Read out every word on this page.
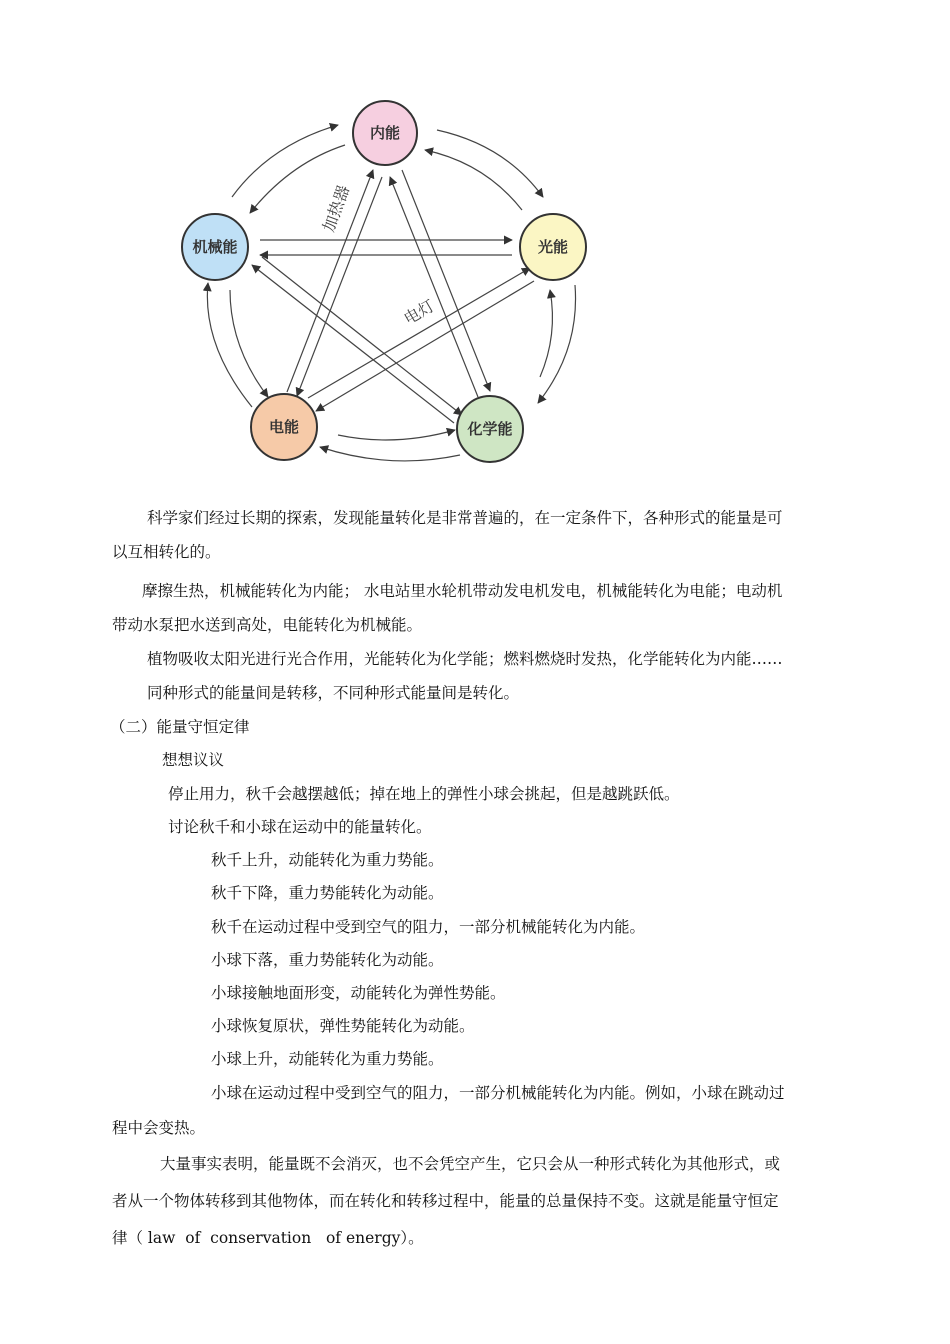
加热器
电灯
内能
机械能	光能
电能	化学能

科学家们经过长期的探索，发现能量转化是非常普遍的，在一定条件下，各种形式的能量是可

以互相转化的。

摩擦生热，机械能转化为内能； 水电站里水轮机带动发电机发电，机械能转化为电能；电动机

带动水泵把水送到高处，电能转化为机械能。

植物吸收太阳光进行光合作用，光能转化为化学能；燃料燃烧时发热，化学能转化为内能……

同种形式的能量间是转移，不同种形式能量间是转化。

（二）能量守恒定律

想想议议

停止用力，秋千会越摆越低；掉在地上的弹性小球会挑起，但是越跳跃低。

讨论秋千和小球在运动中的能量转化。

秋千上升，动能转化为重力势能。

秋千下降，重力势能转化为动能。

秋千在运动过程中受到空气的阻力，一部分机械能转化为内能。

小球下落，重力势能转化为动能。

小球接触地面形变，动能转化为弹性势能。

小球恢复原状，弹性势能转化为动能。

小球上升，动能转化为重力势能。

小球在运动过程中受到空气的阻力，一部分机械能转化为内能。例如，小球在跳动过

程中会变热。

大量事实表明，能量既不会消灭，也不会凭空产生，它只会从一种形式转化为其他形式，或

者从一个物体转移到其他物体，而在转化和转移过程中，能量的总量保持不变。这就是能量守恒定

律（ law  of  conservation   of energy）。
